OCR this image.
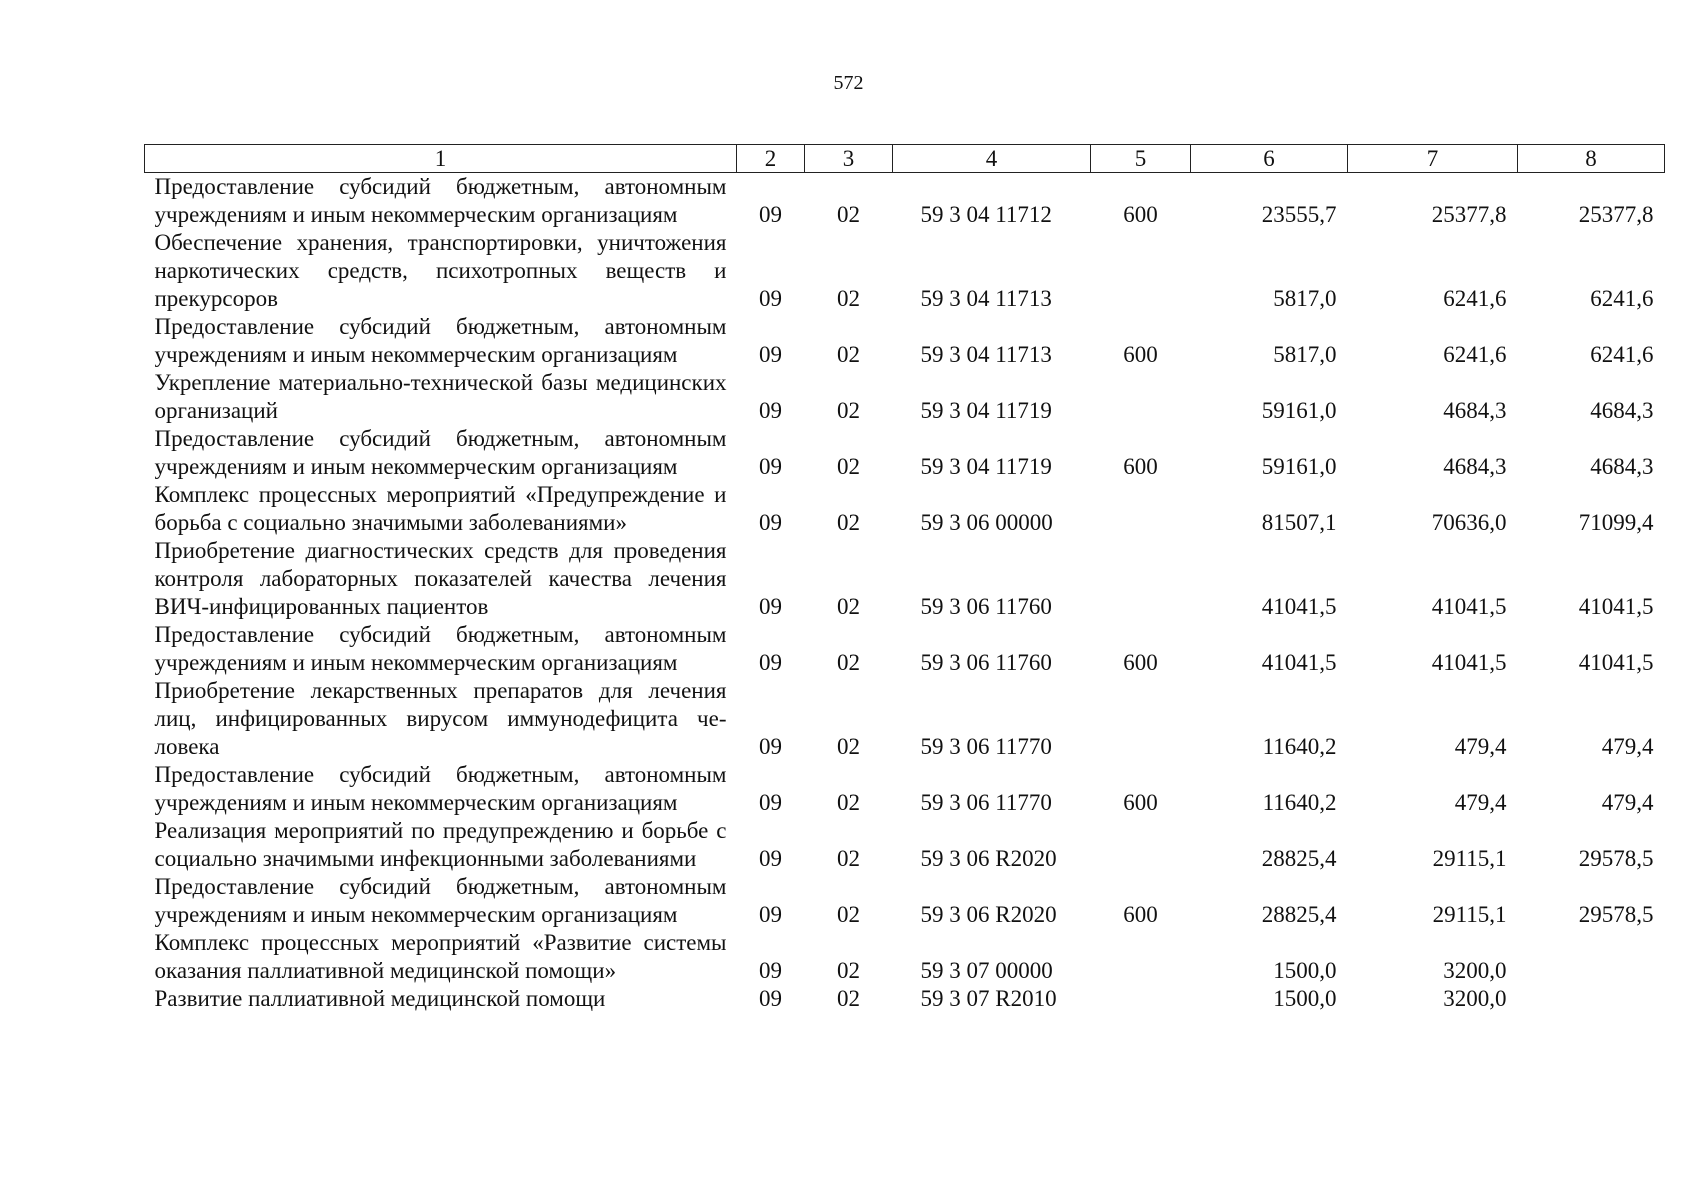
572
1	2	3	4	5	6	7	8
Предоставление субсидий бюджетным, автономным учреждениям и иным некоммерческим организациям	09	02	59 3 04 11712	600	23555,7	25377,8	25377,8
Обеспечение хранения, транспортировки, уничтожения наркотических средств, психотропных веществ и прекурсоров	09	02	59 3 04 11713		5817,0	6241,6	6241,6
Предоставление субсидий бюджетным, автономным учреждениям и иным некоммерческим организациям	09	02	59 3 04 11713	600	5817,0	6241,6	6241,6
Укрепление материально-технической базы медицинских организаций	09	02	59 3 04 11719		59161,0	4684,3	4684,3
Предоставление субсидий бюджетным, автономным учреждениям и иным некоммерческим организациям	09	02	59 3 04 11719	600	59161,0	4684,3	4684,3
Комплекс процессных мероприятий «Предупреждение и борьба с социально значимыми заболеваниями»	09	02	59 3 06 00000		81507,1	70636,0	71099,4
Приобретение диагностических средств для проведения контроля лабораторных показателей качества лечения ВИЧ-инфицированных пациентов	09	02	59 3 06 11760		41041,5	41041,5	41041,5
Предоставление субсидий бюджетным, автономным учреждениям и иным некоммерческим организациям	09	02	59 3 06 11760	600	41041,5	41041,5	41041,5
Приобретение лекарственных препаратов для лечения лиц, инфицированных вирусом иммунодефицита человека	09	02	59 3 06 11770		11640,2	479,4	479,4
Предоставление субсидий бюджетным, автономным учреждениям и иным некоммерческим организациям	09	02	59 3 06 11770	600	11640,2	479,4	479,4
Реализация мероприятий по предупреждению и борьбе с социально значимыми инфекционными заболеваниями	09	02	59 3 06 R2020		28825,4	29115,1	29578,5
Предоставление субсидий бюджетным, автономным учреждениям и иным некоммерческим организациям	09	02	59 3 06 R2020	600	28825,4	29115,1	29578,5
Комплекс процессных мероприятий «Развитие системы оказания паллиативной медицинской помощи»	09	02	59 3 07 00000		1500,0	3200,0	
Развитие паллиативной медицинской помощи	09	02	59 3 07 R2010		1500,0	3200,0	
